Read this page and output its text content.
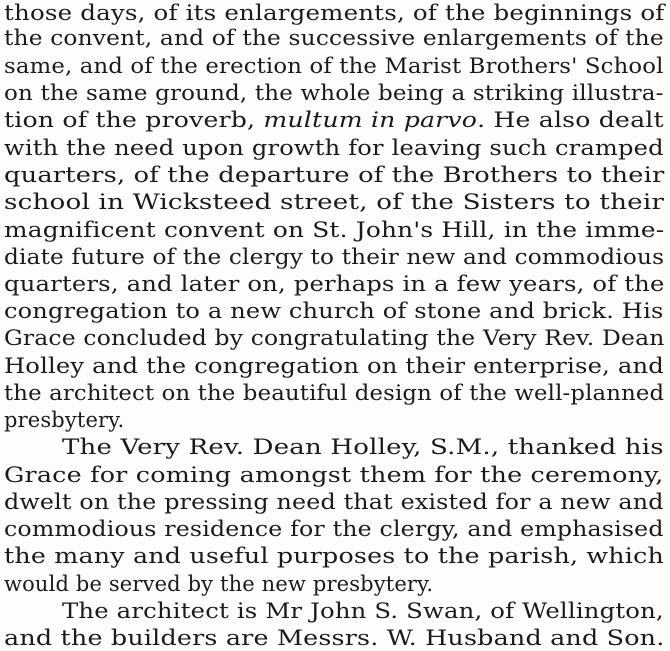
those days, of its enlargements, of the beginnings of
the convent, and of the successive enlargements of the
same, and of the erection of the Marist Brothers' School
on the same ground, the whole being a striking illustra-
tion of the proverb, multum in parvo. He also dealt
with the need upon growth for leaving such cramped
quarters, of the departure of the Brothers to their
school in Wicksteed street, of the Sisters to their
magnificent convent on St. John's Hill, in the imme-
diate future of the clergy to their new and commodious
quarters, and later on, perhaps in a few years, of the
congregation to a new church of stone and brick. His
Grace concluded by congratulating the Very Rev. Dean
Holley and the congregation on their enterprise, and
the architect on the beautiful design of the well-planned
presbytery.
The Very Rev. Dean Holley, S.M., thanked his
Grace for coming amongst them for the ceremony,
dwelt on the pressing need that existed for a new and
commodious residence for the clergy, and emphasised
the many and useful purposes to the parish, which
would be served by the new presbytery.
The architect is Mr John S. Swan, of Wellington,
and the builders are Messrs. W. Husband and Son.
